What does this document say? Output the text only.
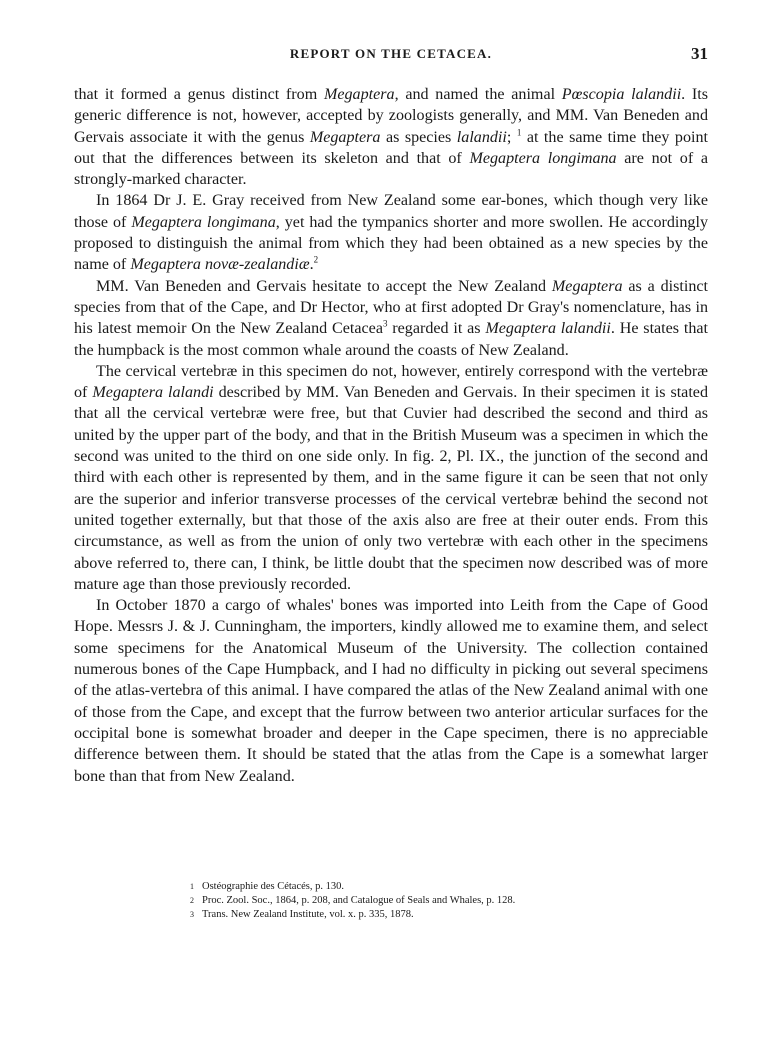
REPORT ON THE CETACEA.	31

that it formed a genus distinct from Megaptera, and named the animal Pœscopia lalandii. Its generic difference is not, however, accepted by zoologists generally, and MM. Van Beneden and Gervais associate it with the genus Megaptera as species lalandii; $^1$ at the same time they point out that the differences between its skeleton and that of Megaptera longimana are not of a strongly-marked character.

In 1864 Dr J. E. Gray received from New Zealand some ear-bones, which though very like those of Megaptera longimana, yet had the tympanics shorter and more swollen. He accordingly proposed to distinguish the animal from which they had been obtained as a new species by the name of Megaptera novæ-zealandiæ.$^2$

MM. Van Beneden and Gervais hesitate to accept the New Zealand Megaptera as a distinct species from that of the Cape, and Dr Hector, who at first adopted Dr Gray's nomenclature, has in his latest memoir On the New Zealand Cetacea$^3$ regarded it as Megaptera lalandii. He states that the humpback is the most common whale around the coasts of New Zealand.

The cervical vertebræ in this specimen do not, however, entirely correspond with the vertebræ of Megaptera lalandi described by MM. Van Beneden and Gervais. In their specimen it is stated that all the cervical vertebræ were free, but that Cuvier had described the second and third as united by the upper part of the body, and that in the British Museum was a specimen in which the second was united to the third on one side only. In fig. 2, Pl. IX., the junction of the second and third with each other is represented by them, and in the same figure it can be seen that not only are the superior and inferior transverse processes of the cervical vertebræ behind the second not united together externally, but that those of the axis also are free at their outer ends. From this circumstance, as well as from the union of only two vertebræ with each other in the specimens above referred to, there can, I think, be little doubt that the specimen now described was of more mature age than those previously recorded.

In October 1870 a cargo of whales' bones was imported into Leith from the Cape of Good Hope. Messrs J. & J. Cunningham, the importers, kindly allowed me to examine them, and select some specimens for the Anatomical Museum of the University. The collection contained numerous bones of the Cape Humpback, and I had no difficulty in picking out several specimens of the atlas-vertebra of this animal. I have compared the atlas of the New Zealand animal with one of those from the Cape, and except that the furrow between two anterior articular surfaces for the occipital bone is somewhat broader and deeper in the Cape specimen, there is no appreciable difference between them. It should be stated that the atlas from the Cape is a somewhat larger bone than that from New Zealand.

1 Ostéographie des Cétacés, p. 130.
2 Proc. Zool. Soc., 1864, p. 208, and Catalogue of Seals and Whales, p. 128.
3 Trans. New Zealand Institute, vol. x. p. 335, 1878.
